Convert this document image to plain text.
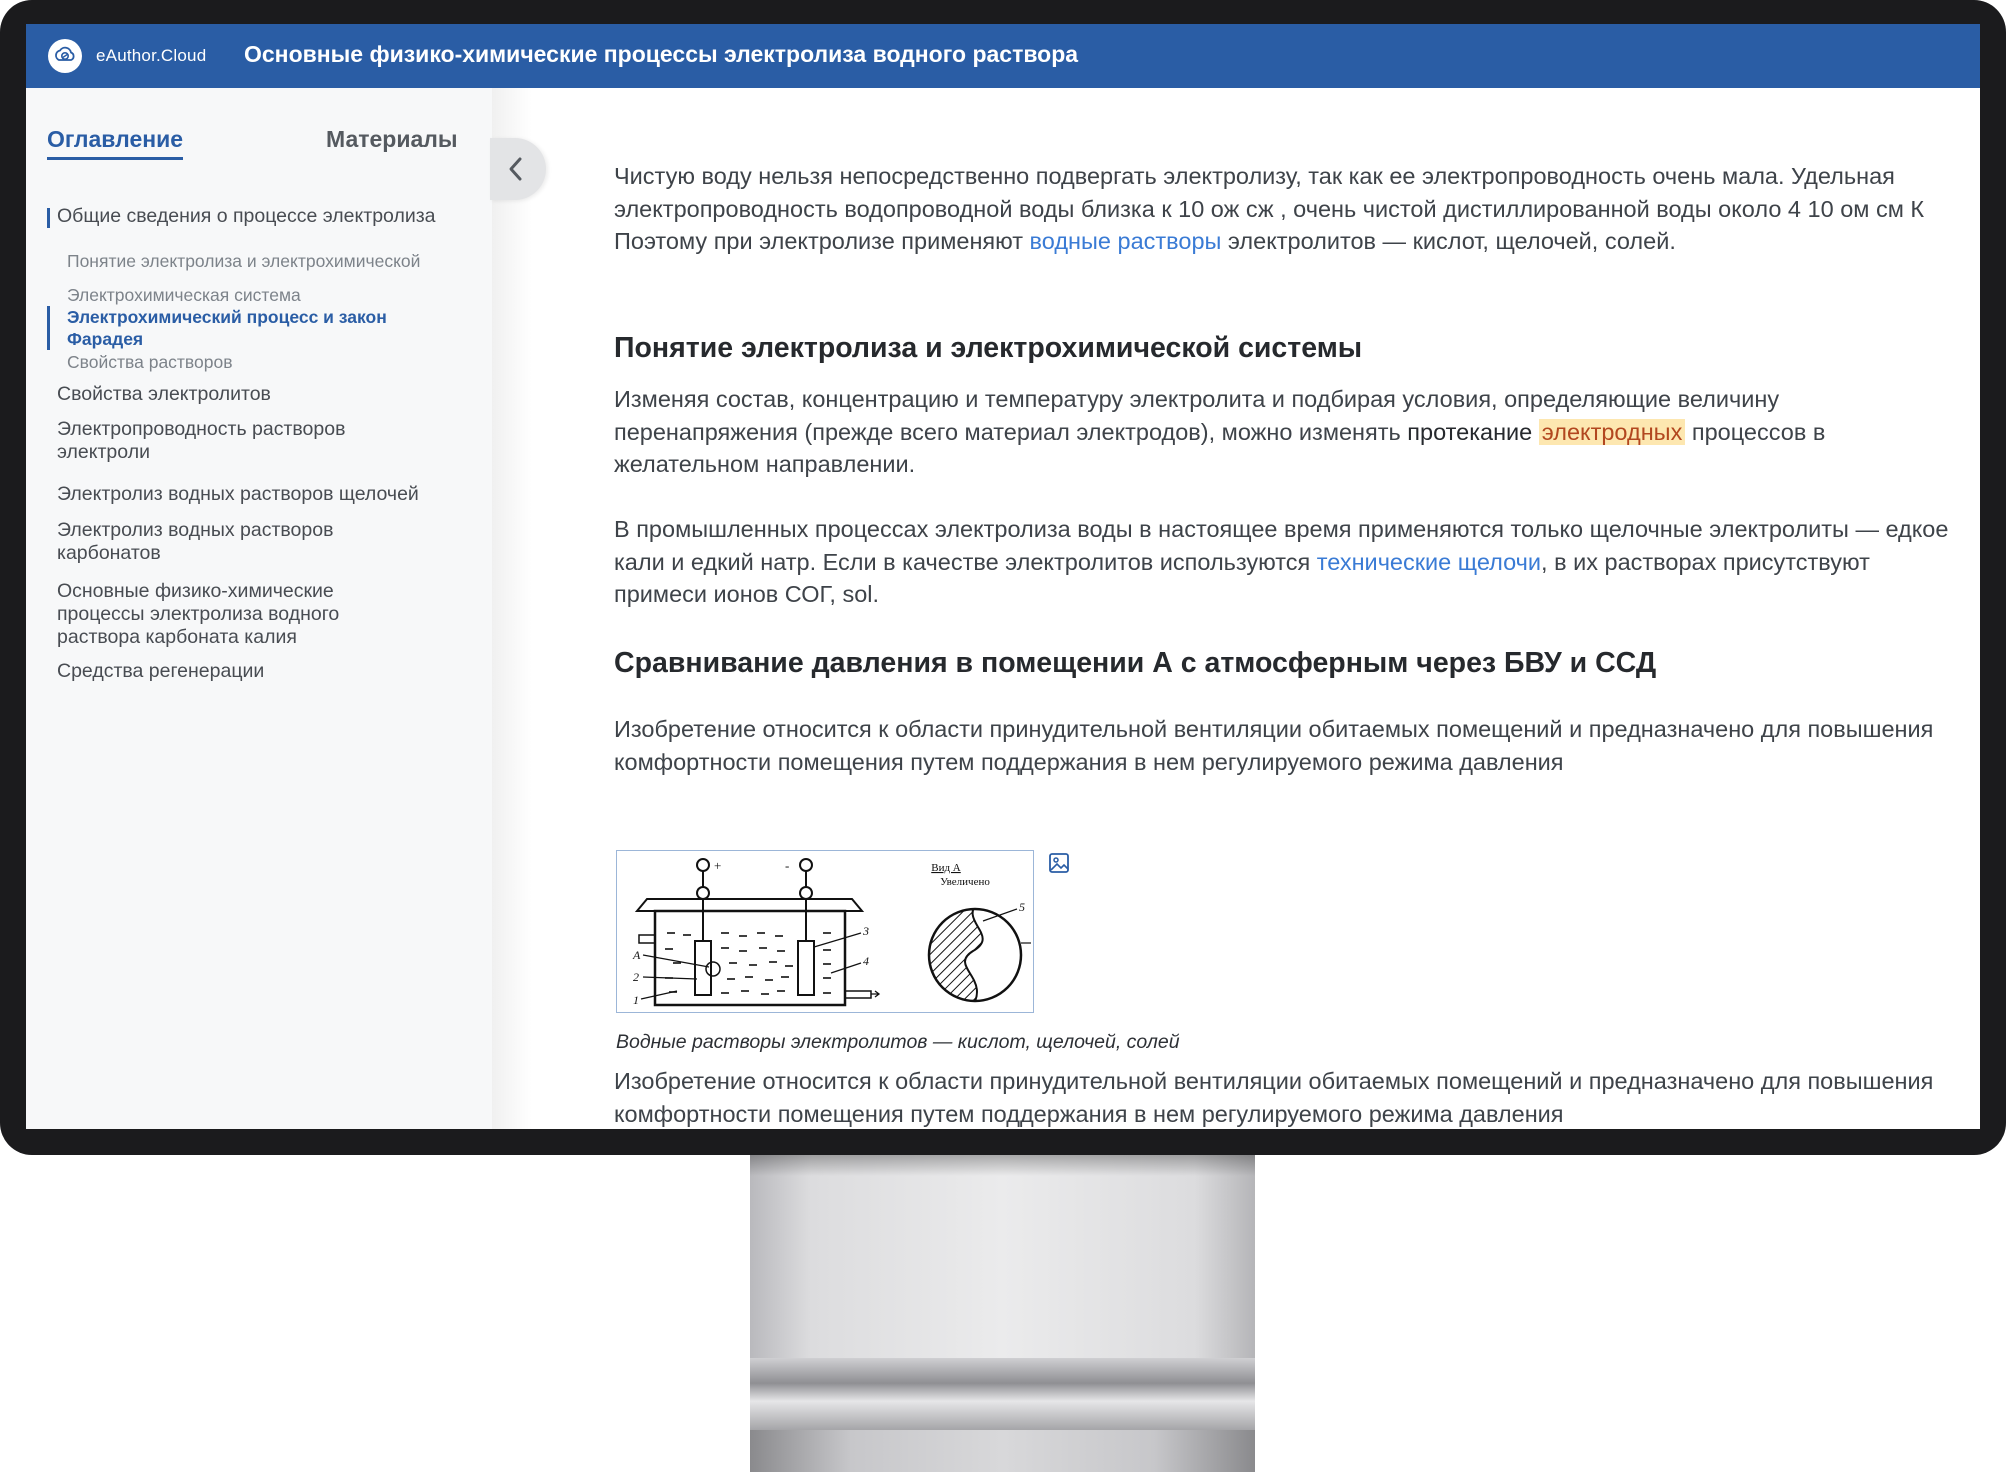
eAuthor.Cloud Основные физико-химические процессы электролиза водного раствора
Оглавление	Материалы
Общие сведения о процессе электролиза
Понятие электролиза и электрохимической
Электрохимическая система
Электрохимический процесс и закон Фарадея
Свойства растворов
Свойства электролитов
Электропроводность растворов электроли
Электролиз водных растворов щелочей
Электролиз водных растворов карбонатов
Основные физико-химические процессы электролиза водного раствора карбоната калия
Средства регенерации

Чистую воду нельзя непосредственно подвергать электролизу, так как ее электропроводность очень мала. Удельная электропроводность водопроводной воды близка к 10 ож сж , очень чистой дистиллированной воды около 4 10 ом см К Поэтому при электролизе применяют водные растворы электролитов — кислот, щелочей, солей.

Понятие электролиза и электрохимической системы

Изменяя состав, концентрацию и температуру электролита и подбирая условия, определяющие величину перенапряжения (прежде всего материал электродов), можно изменять протекание электродных процессов в желательном направлении.

В промышленных процессах электролиза воды в настоящее время применяются только щелочные электролиты — едкое кали и едкий натр. Если в качестве электролитов используются технические щелочи, в их растворах присутствуют примеси ионов СОГ, sol.

Сравнивание давления в помещении А с атмосферным через БВУ и ССД

Изобретение относится к области принудительной вентиляции обитаемых помещений и предназначено для повышения комфортности помещения путем поддержания в нем регулируемого режима давления

+	-
A
2
1
3
4
Вид А
Увеличено
5
Водные растворы электролитов — кислот, щелочей, солей

Изобретение относится к области принудительной вентиляции обитаемых помещений и предназначено для повышения комфортности помещения путем поддержания в нем регулируемого режима давления
